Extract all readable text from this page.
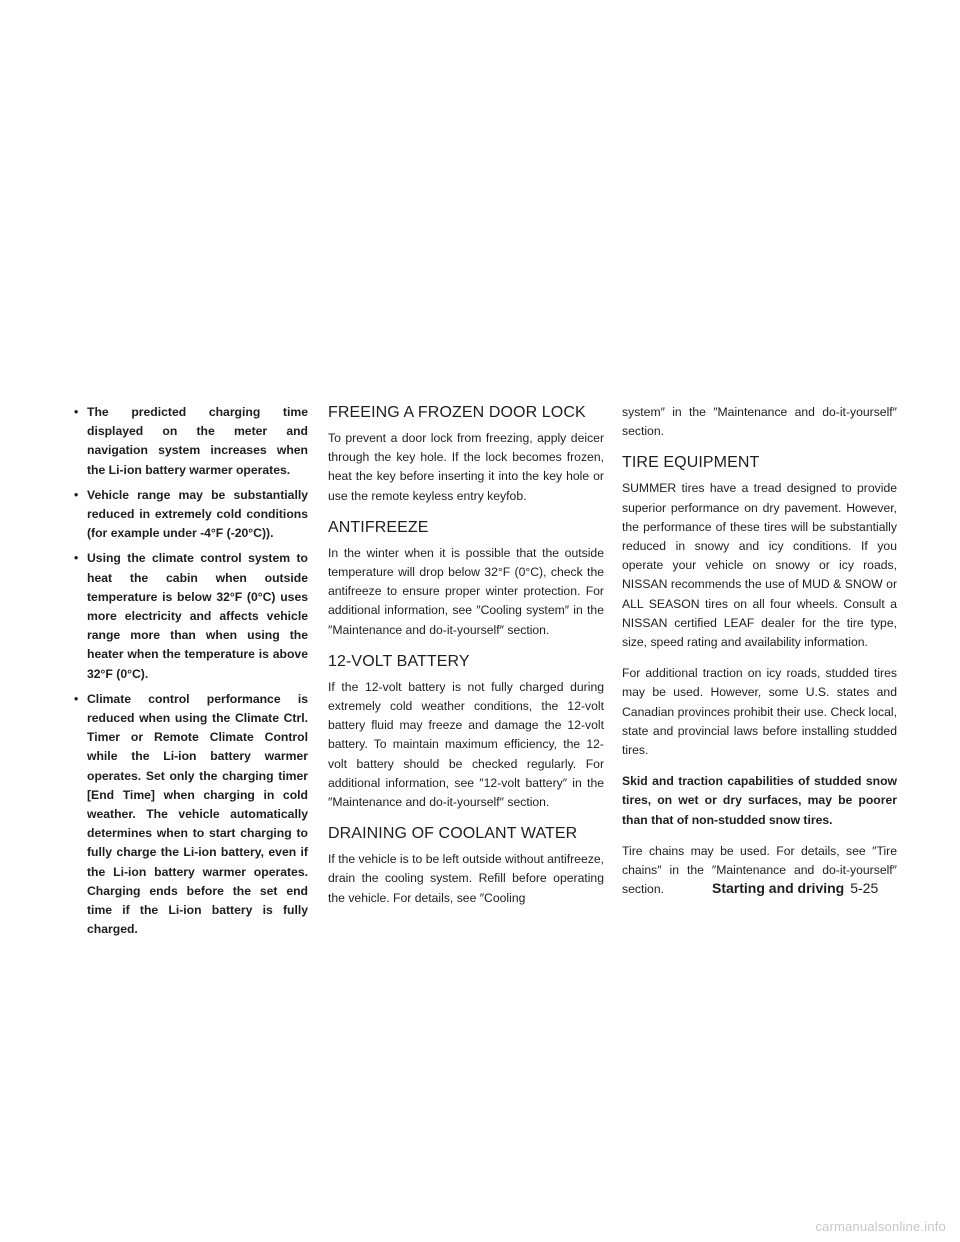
• The predicted charging time displayed on the meter and navigation system increases when the Li-ion battery warmer operates.
• Vehicle range may be substantially reduced in extremely cold conditions (for example under -4°F (-20°C)).
• Using the climate control system to heat the cabin when outside temperature is below 32°F (0°C) uses more electricity and affects vehicle range more than when using the heater when the temperature is above 32°F (0°C).
• Climate control performance is reduced when using the Climate Ctrl. Timer or Remote Climate Control while the Li-ion battery warmer operates. Set only the charging timer [End Time] when charging in cold weather. The vehicle automatically determines when to start charging to fully charge the Li-ion battery, even if the Li-ion battery warmer operates. Charging ends before the set end time if the Li-ion battery is fully charged.
FREEING A FROZEN DOOR LOCK

To prevent a door lock from freezing, apply deicer through the key hole. If the lock becomes frozen, heat the key before inserting it into the key hole or use the remote keyless entry keyfob.

ANTIFREEZE

In the winter when it is possible that the outside temperature will drop below 32°F (0°C), check the antifreeze to ensure proper winter protection. For additional information, see ″Cooling system″ in the ″Maintenance and do-it-yourself″ section.

12-VOLT BATTERY

If the 12-volt battery is not fully charged during extremely cold weather conditions, the 12-volt battery fluid may freeze and damage the 12-volt battery. To maintain maximum efficiency, the 12-volt battery should be checked regularly. For additional information, see ″12-volt battery″ in the ″Maintenance and do-it-yourself″ section.

DRAINING OF COOLANT WATER

If the vehicle is to be left outside without antifreeze, drain the cooling system. Refill before operating the vehicle. For details, see ″Cooling

system″ in the ″Maintenance and do-it-yourself″ section.

TIRE EQUIPMENT

SUMMER tires have a tread designed to provide superior performance on dry pavement. However, the performance of these tires will be substantially reduced in snowy and icy conditions. If you operate your vehicle on snowy or icy roads, NISSAN recommends the use of MUD & SNOW or ALL SEASON tires on all four wheels. Consult a NISSAN certified LEAF dealer for the tire type, size, speed rating and availability information.

For additional traction on icy roads, studded tires may be used. However, some U.S. states and Canadian provinces prohibit their use. Check local, state and provincial laws before installing studded tires.

Skid and traction capabilities of studded snow tires, on wet or dry surfaces, may be poorer than that of non-studded snow tires.

Tire chains may be used. For details, see ″Tire chains″ in the ″Maintenance and do-it-yourself″ section.	Starting and driving 5-25
carmanualsonline.info
